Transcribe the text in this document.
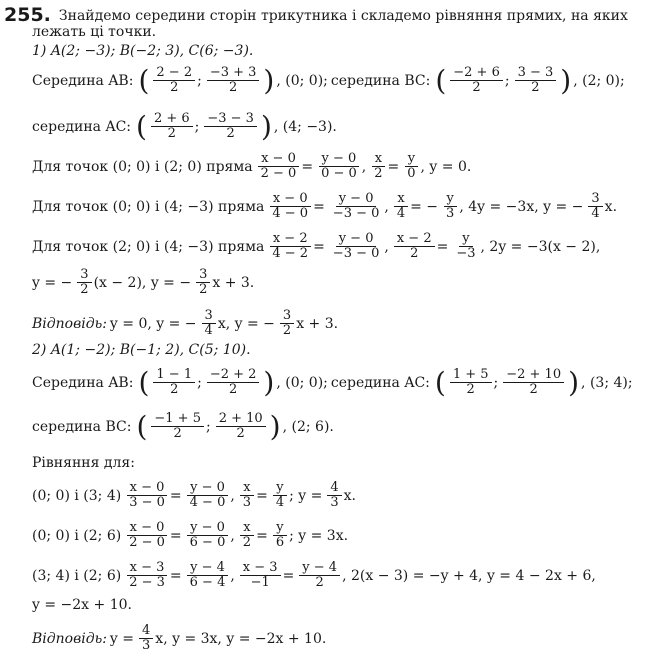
255. Знайдемо середини сторін трикутника і складемо рівняння прямих, на яких
лежать ці точки.
1) A(2; −3); B(−2; 3), C(6; −3).
Середина AB: ( $\frac{2 - 2}{2}$ ; $\frac{-3 + 3}{2}$ ) , (0; 0); середина BC: ( $\frac{-2 + 6}{2}$ ; $\frac{3 - 3}{2}$ ) , (2; 0);
середина AC: ( $\frac{2 + 6}{2}$ ; $\frac{-3 - 3}{2}$ ) , (4; −3).
Для точок (0; 0) і (2; 0) пряма $\frac{x - 0}{2 - 0} = \frac{y - 0}{0 - 0}$ , $\frac{x}{2} = \frac{y}{0}$ , y = 0.
Для точок (0; 0) і (4; −3) пряма $\frac{x - 0}{4 - 0} = \frac{y - 0}{-3 - 0}$ , $\frac{x}{4}$ = − $\frac{y}{3}$ , 4y = −3x, y = − $\frac{3}{4} x$.
Для точок (2; 0) і (4; −3) пряма $\frac{x - 2}{4 - 2} = \frac{y - 0}{-3 - 0}$ , $\frac{x - 2}{2} = \frac{y}{-3}$ , 2y = −3(x − 2),
y = − $\frac{3}{2} (x - 2)$, y = − $\frac{3}{2}$ x + 3.
Відповідь: y = 0, y = − $\frac{3}{4} x$, y = − $\frac{3}{2}$ x + 3.
2) A(1; −2); B(−1; 2), C(5; 10).
Середина AB: ( $\frac{1 - 1}{2}$ ; $\frac{-2 + 2}{2}$ ) , (0; 0); середина AC: ( $\frac{1 + 5}{2}$ ; $\frac{-2 + 10}{2}$ ) , (3; 4);
середина BC: ( $\frac{-1 + 5}{2}$ ; $\frac{2 + 10}{2}$ ) , (2; 6).
Рівняння для:
(0; 0) і (3; $4) \frac{x - 0}{3 - 0} = \frac{y - 0}{4 - 0}$ , $\frac{x}{3} = \frac{y}{4}$ ; $y = \frac{4}{3} x$.
(0; 0) і (2; $6) \frac{x - 0}{2 - 0} = \frac{y - 0}{6 - 0}$ , $\frac{x}{2} = \frac{y}{6}$ ; y = 3x.
(3; 4) і (2; $6) \frac{x - 3}{2 - 3} = \frac{y - 4}{6 - 4}$ , $\frac{x - 3}{-1} = \frac{y - 4}{2}$ , 2(x − 3) = −y + 4, y = 4 − 2x + 6,
y = −2x + 10.
Відповідь: $y = \frac{4}{3} x$, y = 3x, y = −2x + 10.
